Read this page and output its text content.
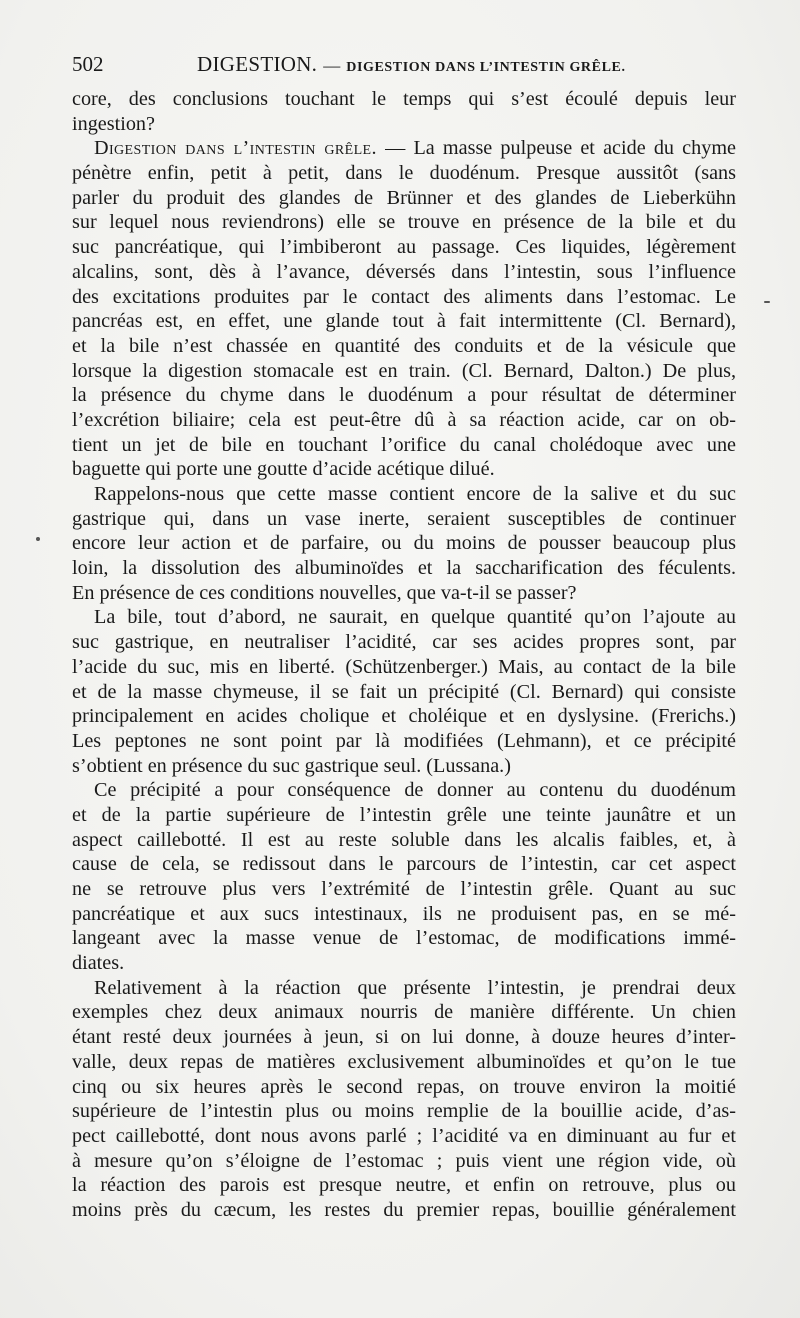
502	DIGESTION. — DIGESTION DANS L’INTESTIN GRÊLE.
core, des conclusions touchant le temps qui s’est écoulé depuis leur
ingestion?
Digestion dans l’intestin grêle. — La masse pulpeuse et acide du chyme
pénètre enfin, petit à petit, dans le duodénum. Presque aussitôt (sans
parler du produit des glandes de Brünner et des glandes de Lieberkühn
sur lequel nous reviendrons) elle se trouve en présence de la bile et du
suc pancréatique, qui l’imbiberont au passage. Ces liquides, légèrement
alcalins, sont, dès à l’avance, déversés dans l’intestin, sous l’influence
des excitations produites par le contact des aliments dans l’estomac. Le
pancréas est, en effet, une glande tout à fait intermittente (Cl. Bernard),
et la bile n’est chassée en quantité des conduits et de la vésicule que
lorsque la digestion stomacale est en train. (Cl. Bernard, Dalton.) De plus,
la présence du chyme dans le duodénum a pour résultat de déterminer
l’excrétion biliaire; cela est peut-être dû à sa réaction acide, car on ob-
tient un jet de bile en touchant l’orifice du canal cholédoque avec une
baguette qui porte une goutte d’acide acétique dilué.
Rappelons-nous que cette masse contient encore de la salive et du suc
gastrique qui, dans un vase inerte, seraient susceptibles de continuer
encore leur action et de parfaire, ou du moins de pousser beaucoup plus
loin, la dissolution des albuminoïdes et la saccharification des féculents.
En présence de ces conditions nouvelles, que va-t-il se passer?
La bile, tout d’abord, ne saurait, en quelque quantité qu’on l’ajoute au
suc gastrique, en neutraliser l’acidité, car ses acides propres sont, par
l’acide du suc, mis en liberté. (Schützenberger.) Mais, au contact de la bile
et de la masse chymeuse, il se fait un précipité (Cl. Bernard) qui consiste
principalement en acides cholique et choléique et en dyslysine. (Frerichs.)
Les peptones ne sont point par là modifiées (Lehmann), et ce précipité
s’obtient en présence du suc gastrique seul. (Lussana.)
Ce précipité a pour conséquence de donner au contenu du duodénum
et de la partie supérieure de l’intestin grêle une teinte jaunâtre et un
aspect caillebotté. Il est au reste soluble dans les alcalis faibles, et, à
cause de cela, se redissout dans le parcours de l’intestin, car cet aspect
ne se retrouve plus vers l’extrémité de l’intestin grêle. Quant au suc
pancréatique et aux sucs intestinaux, ils ne produisent pas, en se mé-
langeant avec la masse venue de l’estomac, de modifications immé-
diates.
Relativement à la réaction que présente l’intestin, je prendrai deux
exemples chez deux animaux nourris de manière différente. Un chien
étant resté deux journées à jeun, si on lui donne, à douze heures d’inter-
valle, deux repas de matières exclusivement albuminoïdes et qu’on le tue
cinq ou six heures après le second repas, on trouve environ la moitié
supérieure de l’intestin plus ou moins remplie de la bouillie acide, d’as-
pect caillebotté, dont nous avons parlé ; l’acidité va en diminuant au fur et
à mesure qu’on s’éloigne de l’estomac ; puis vient une région vide, où
la réaction des parois est presque neutre, et enfin on retrouve, plus ou
moins près du cæcum, les restes du premier repas, bouillie généralement
